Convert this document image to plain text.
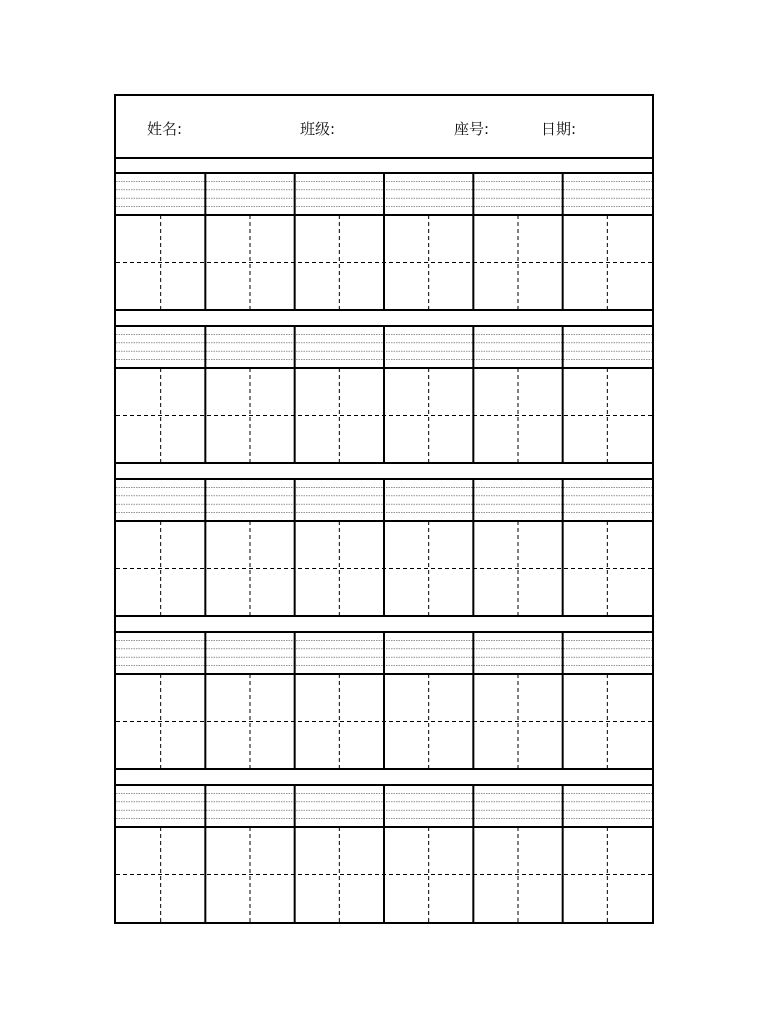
姓名:	班级:	座号:	日期:
